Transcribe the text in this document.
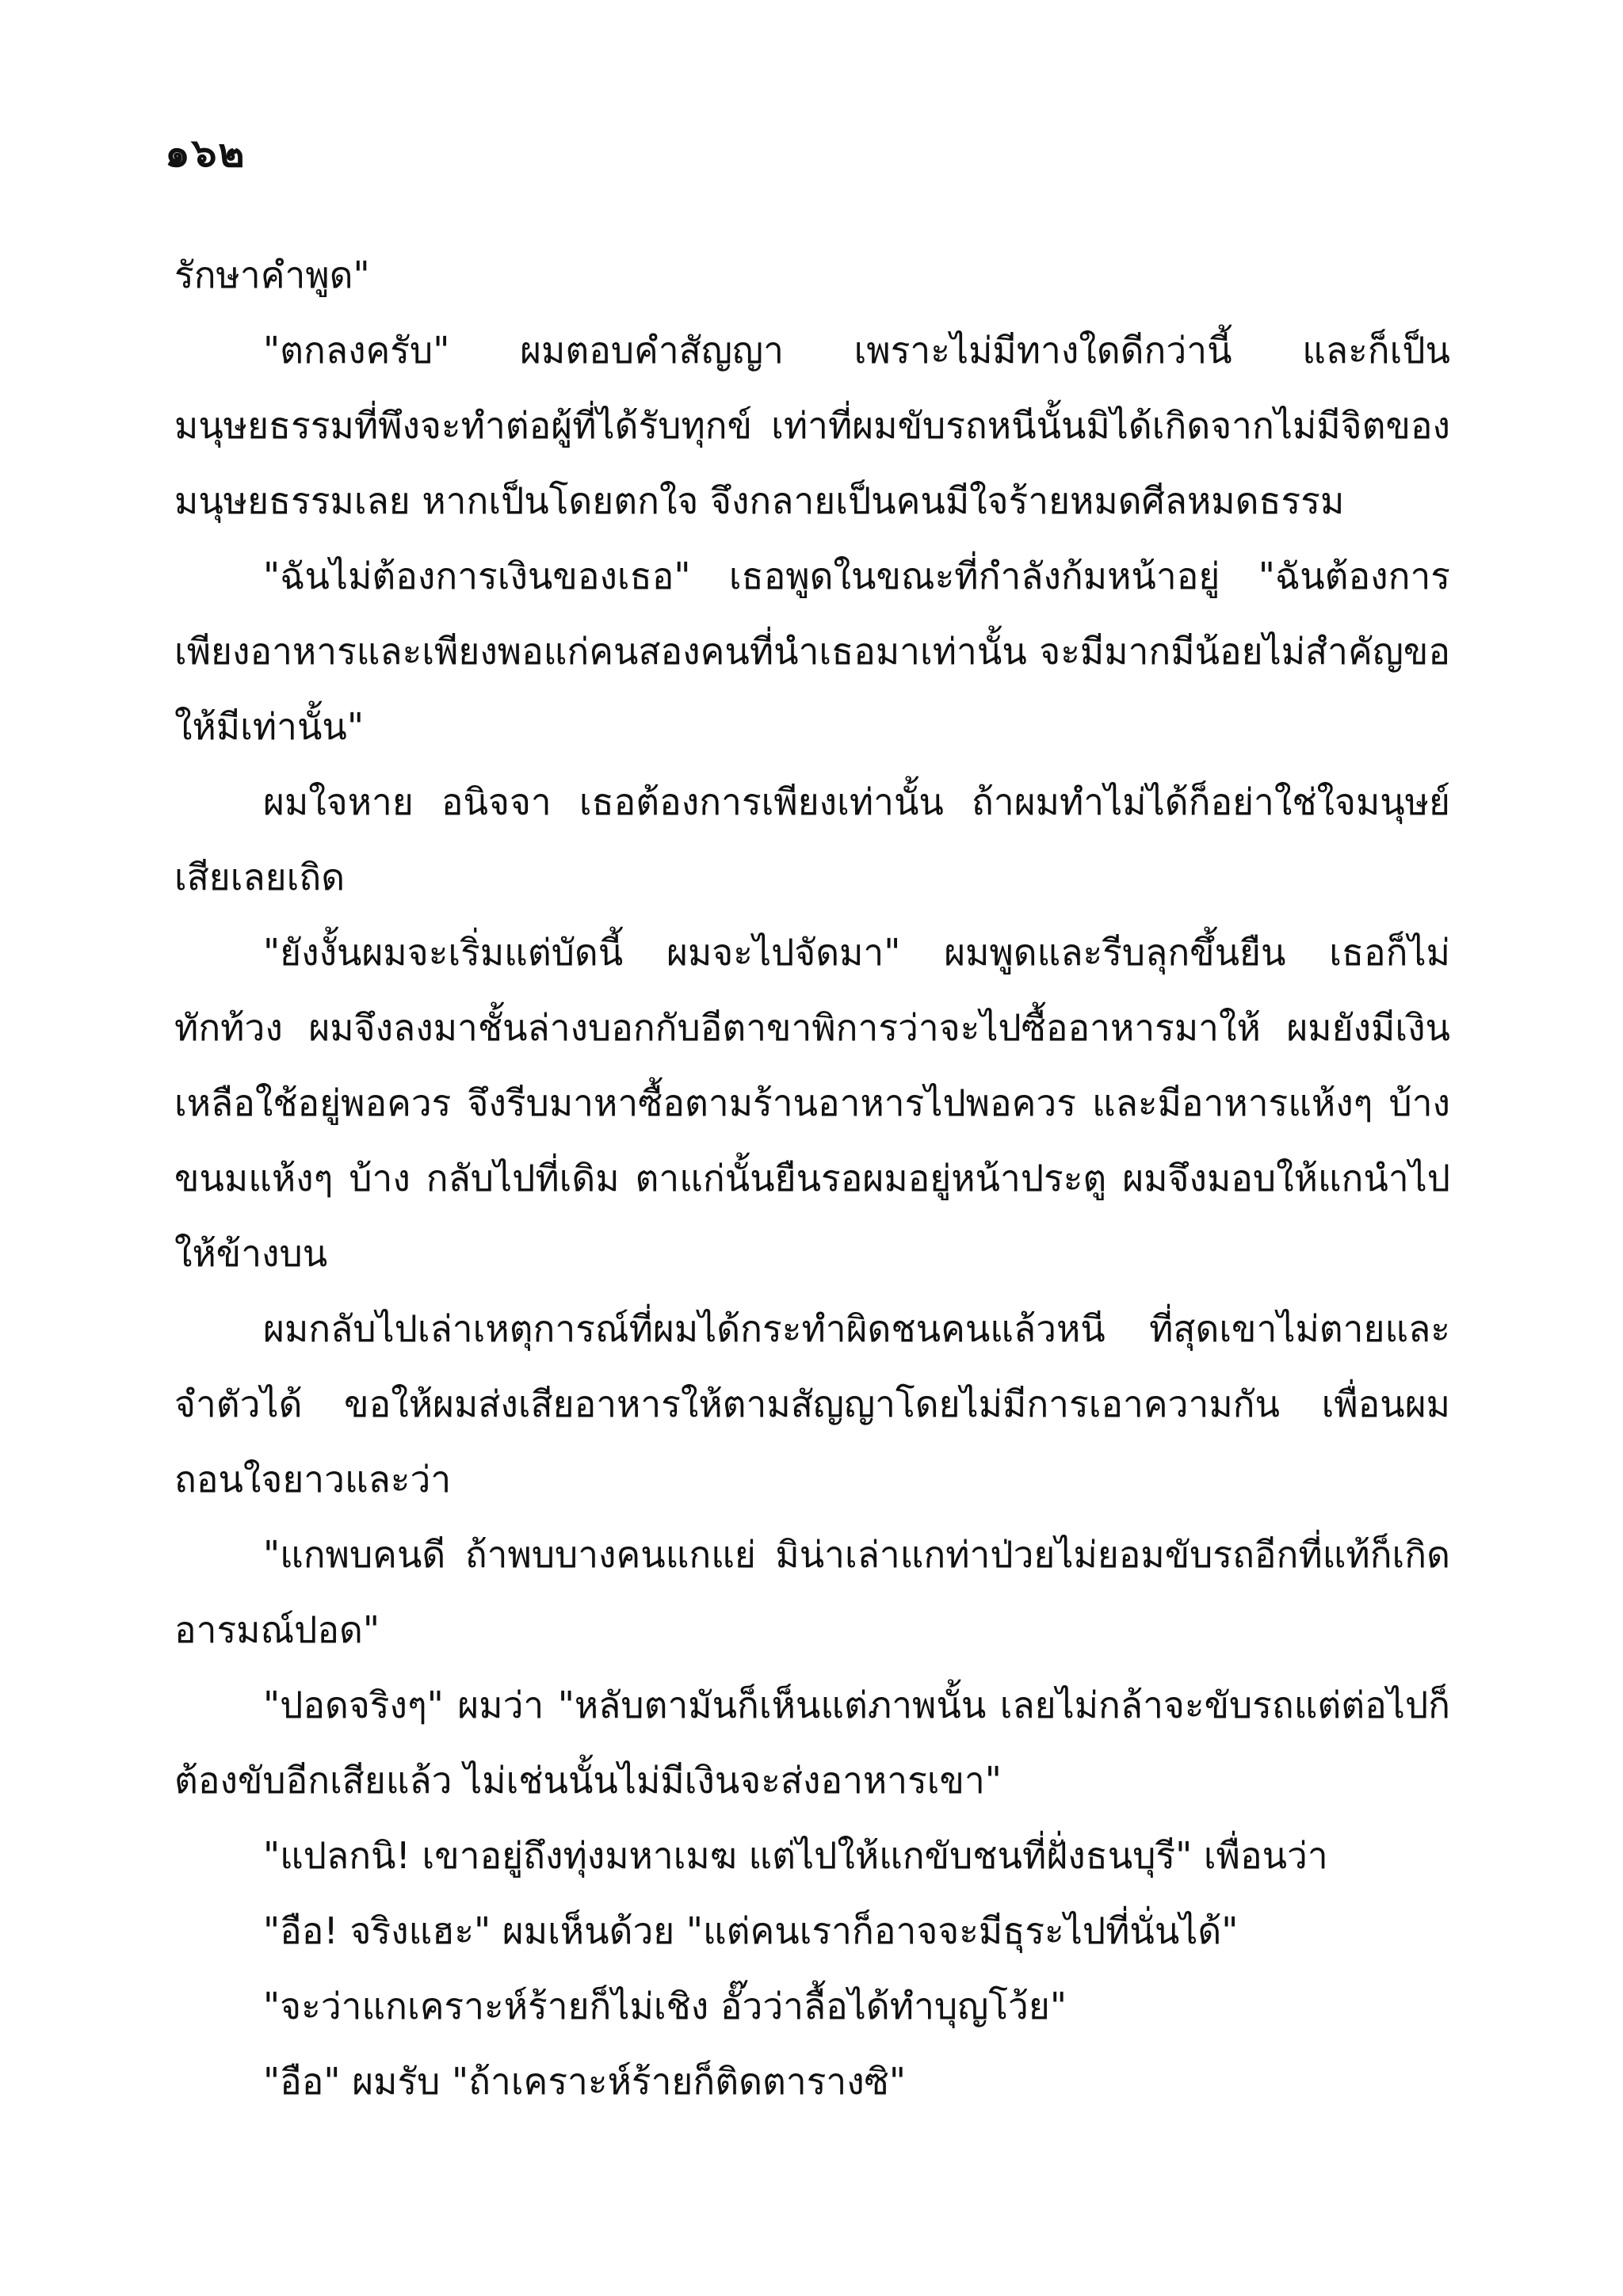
๑๖๒

รักษาคำพูด"

"ตกลงครับ" ผมตอบคำสัญญา เพราะไม่มีทางใดดีกว่านี้ และก็เป็นมนุษยธรรมที่พึงจะทำต่อผู้ที่ได้รับทุกข์ เท่าที่ผมขับรถหนีนั้นมิได้เกิดจากไม่มีจิตของมนุษยธรรมเลย หากเป็นโดยตกใจ จึงกลายเป็นคนมีใจร้ายหมดศีลหมดธรรม

"ฉันไม่ต้องการเงินของเธอ" เธอพูดในขณะที่กำลังก้มหน้าอยู่ "ฉันต้องการเพียงอาหารและเพียงพอแก่คนสองคนที่นำเธอมาเท่านั้น จะมีมากมีน้อยไม่สำคัญขอให้มีเท่านั้น"

ผมใจหาย อนิจจา เธอต้องการเพียงเท่านั้น ถ้าผมทำไม่ได้ก็อย่าใช่ใจมนุษย์เสียเลยเถิด

"ยังงั้นผมจะเริ่มแต่บัดนี้ ผมจะไปจัดมา" ผมพูดและรีบลุกขึ้นยืน เธอก็ไม่ทักท้วง ผมจึงลงมาชั้นล่างบอกกับอีตาขาพิการว่าจะไปซื้ออาหารมาให้ ผมยังมีเงินเหลือใช้อยู่พอควร จึงรีบมาหาซื้อตามร้านอาหารไปพอควร และมีอาหารแห้งๆ บ้าง ขนมแห้งๆ บ้าง กลับไปที่เดิม ตาแก่นั้นยืนรอผมอยู่หน้าประตู ผมจึงมอบให้แกนำไปให้ข้างบน

ผมกลับไปเล่าเหตุการณ์ที่ผมได้กระทำผิดชนคนแล้วหนี ที่สุดเขาไม่ตายและจำตัวได้ ขอให้ผมส่งเสียอาหารให้ตามสัญญาโดยไม่มีการเอาความกัน เพื่อนผมถอนใจยาวและว่า

"แกพบคนดี ถ้าพบบางคนแกแย่ มิน่าเล่าแกท่าป่วยไม่ยอมขับรถอีกที่แท้ก็เกิดอารมณ์ปอด"

"ปอดจริงๆ" ผมว่า "หลับตามันก็เห็นแต่ภาพนั้น เลยไม่กล้าจะขับรถแต่ต่อไปก็ต้องขับอีกเสียแล้ว ไม่เช่นนั้นไม่มีเงินจะส่งอาหารเขา"

"แปลกนิ! เขาอยู่ถึงทุ่งมหาเมฆ แต่ไปให้แกขับชนที่ฝั่งธนบุรี" เพื่อนว่า

"อือ! จริงแฮะ" ผมเห็นด้วย "แต่คนเราก็อาจจะมีธุระไปที่นั่นได้"

"จะว่าแกเคราะห์ร้ายก็ไม่เชิง อั๊วว่าลื้อได้ทำบุญโว้ย"

"อือ" ผมรับ "ถ้าเคราะห์ร้ายก็ติดตารางซิ"
